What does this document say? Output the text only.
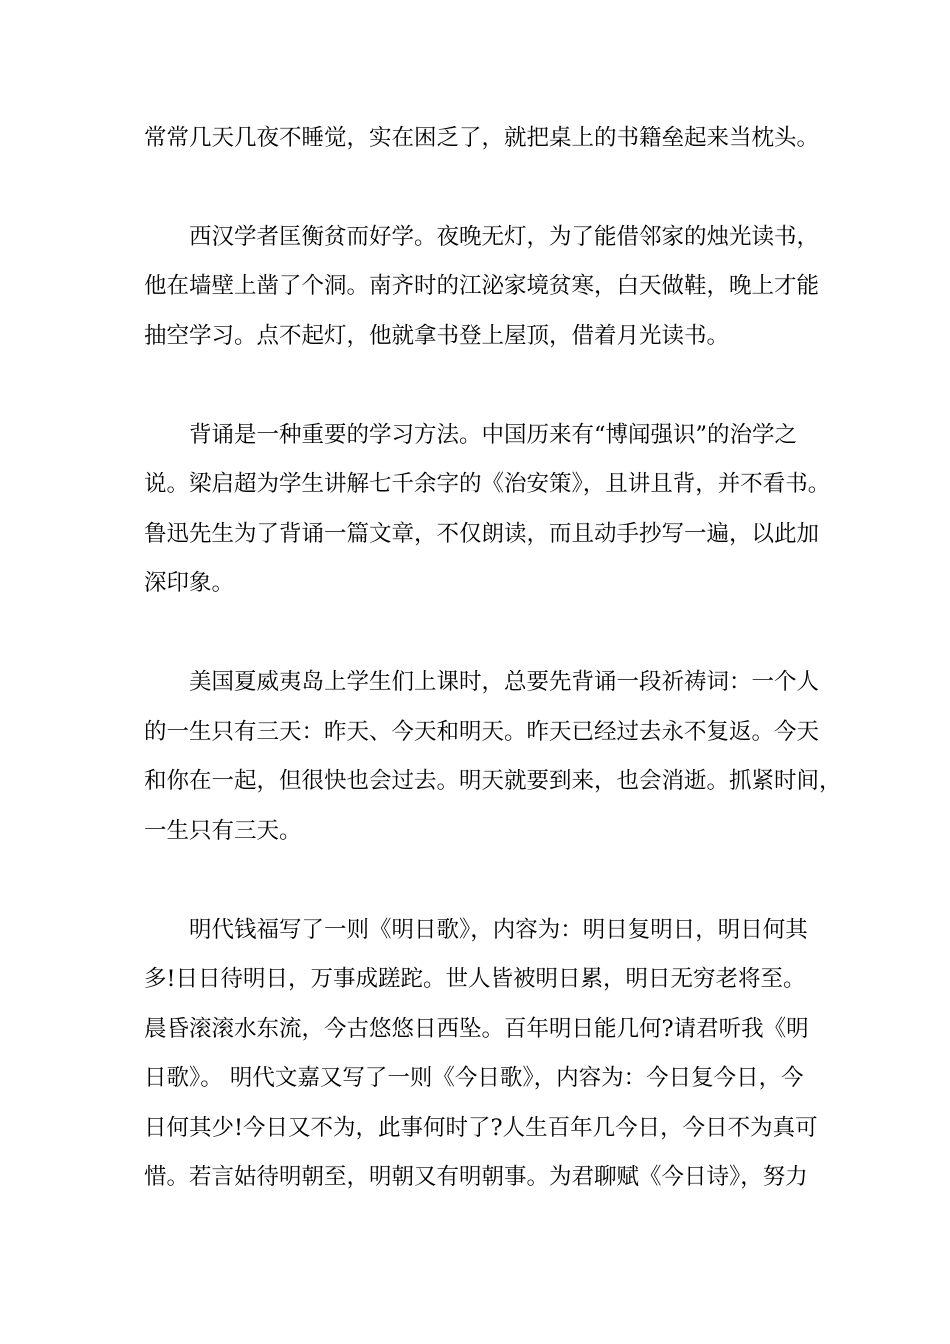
常常几天几夜不睡觉，实在困乏了，就把桌上的书籍垒起来当枕头。
西汉学者匡衡贫而好学。夜晚无灯，为了能借邻家的烛光读书，
他在墙壁上凿了个洞。南齐时的江泌家境贫寒，白天做鞋，晚上才能
抽空学习。点不起灯，他就拿书登上屋顶，借着月光读书。
背诵是一种重要的学习方法。中国历来有“博闻强识”的治学之
说。梁启超为学生讲解七千余字的《治安策》，且讲且背，并不看书。
鲁迅先生为了背诵一篇文章，不仅朗读，而且动手抄写一遍，以此加
深印象。
美国夏威夷岛上学生们上课时，总要先背诵一段祈祷词：一个人
的一生只有三天：昨天、今天和明天。昨天已经过去永不复返。今天
和你在一起，但很快也会过去。明天就要到来，也会消逝。抓紧时间，
一生只有三天。
明代钱福写了一则《明日歌》，内容为：明日复明日，明日何其
多!日日待明日，万事成蹉跎。世人皆被明日累，明日无穷老将至。
晨昏滚滚水东流，今古悠悠日西坠。百年明日能几何?请君听我《明
日歌》。 明代文嘉又写了一则《今日歌》，内容为：今日复今日，今
日何其少!今日又不为，此事何时了?人生百年几今日，今日不为真可
惜。若言姑待明朝至，明朝又有明朝事。为君聊赋《今日诗》，努力
